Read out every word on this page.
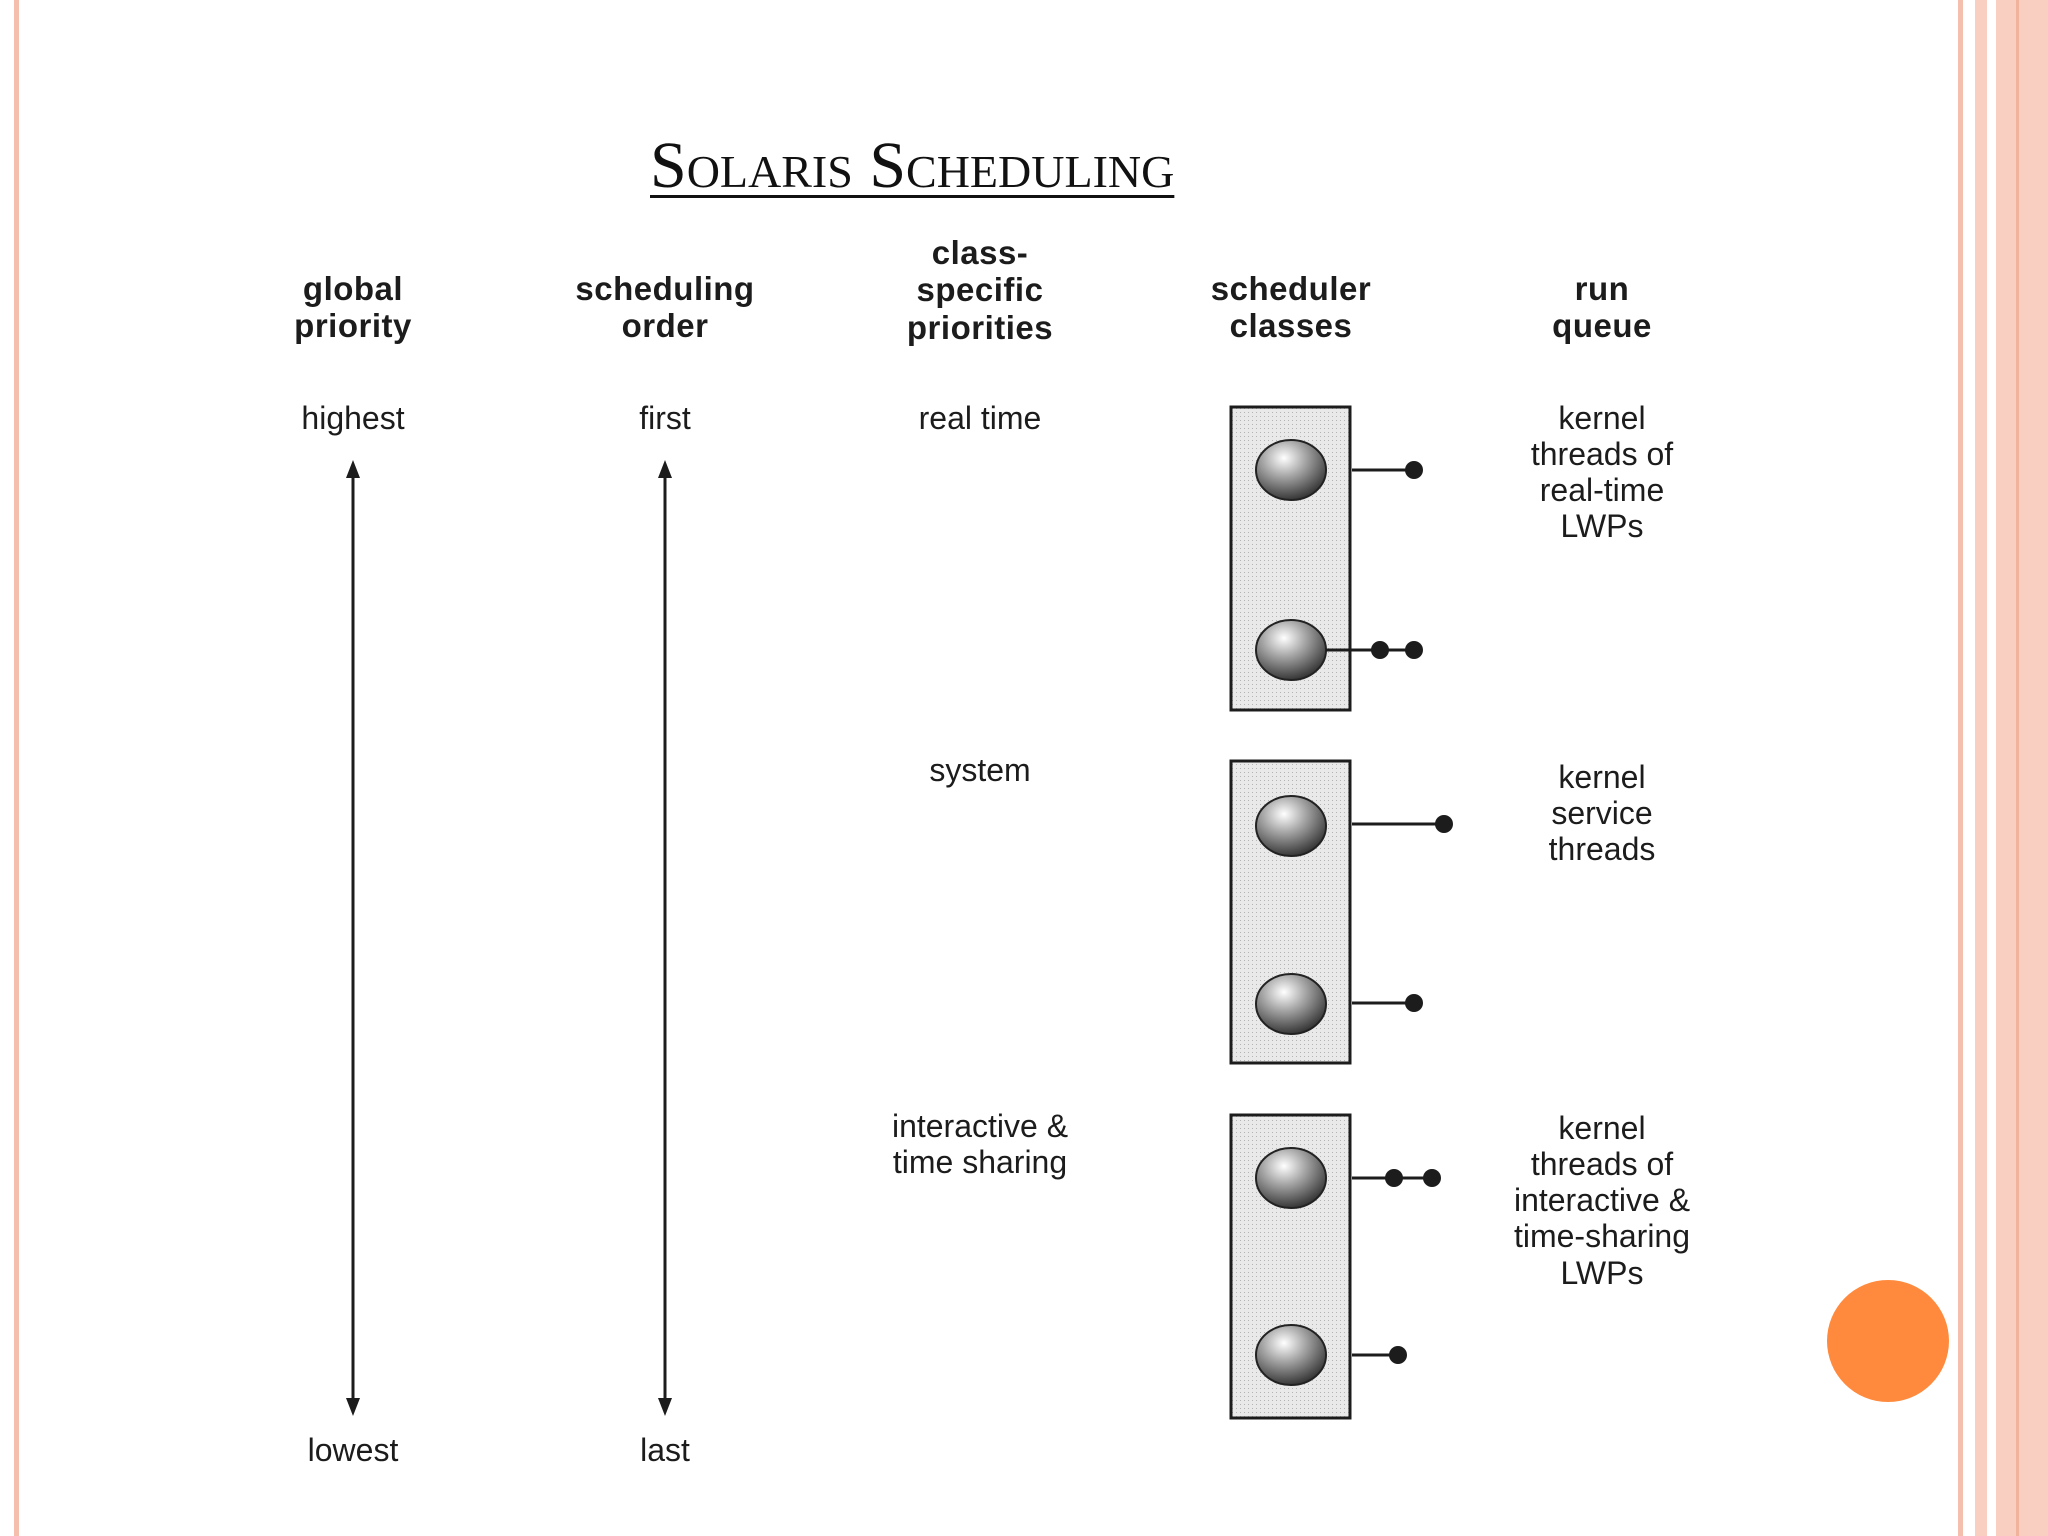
Solaris Scheduling
global
priority
scheduling
order
class-
specific
priorities
scheduler
classes
run
queue
highest
lowest
first
last
real time
system
interactive &
time sharing
kernel
threads of
real-time
LWPs
kernel
service
threads
kernel
threads of
interactive &
time-sharing
LWPs
